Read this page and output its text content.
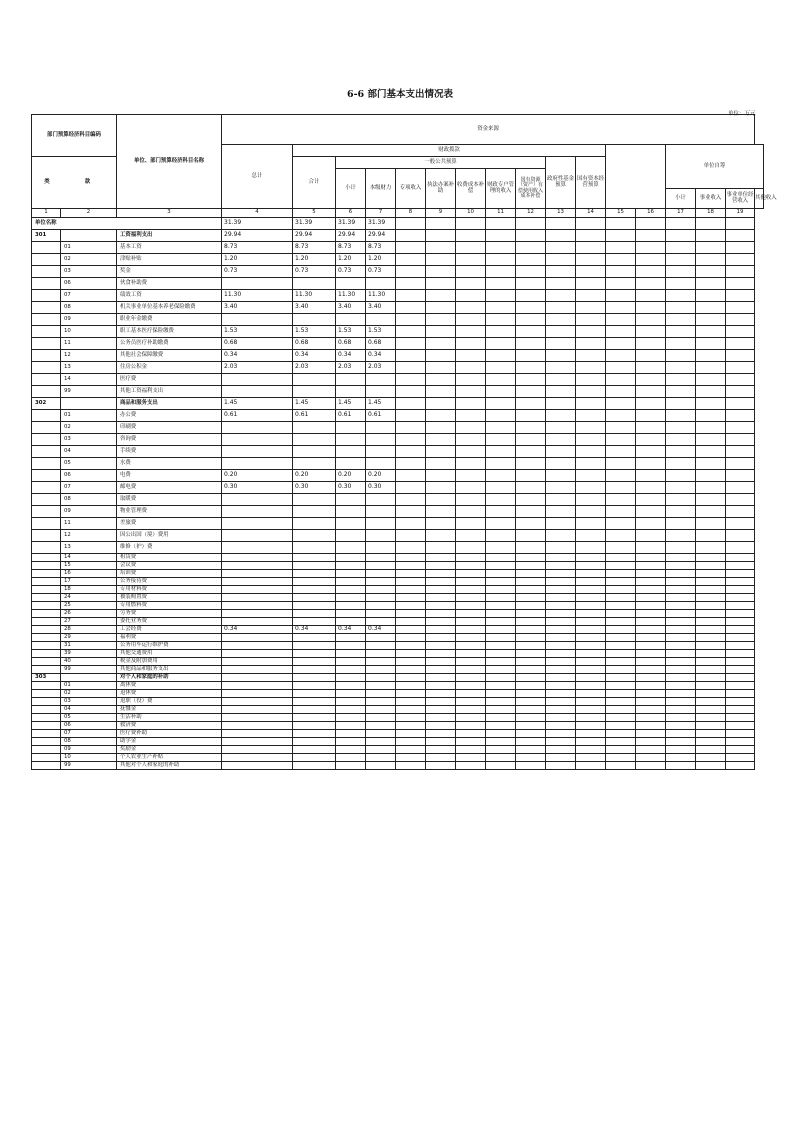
6-6 部门基本支出情况表
单位：万元
部门预算经济科目编码		单位、部门预算经济科目名称	资金来源																
			总计	财政拨款												单位自筹			
类 款				合计	一般公共预算							政府性基金预算	国有资本经营预算						
					小计	本级财力	专项收入	执法办案补助	收费成本补偿	财政专户管理的收入	国有资源（资产）有偿使用收入成本补偿								
																小计	事业收入	事业单位经营收入	其他收入
1	2	3	4	5	6	7	8	9	10	11	12	13	14	15	16	17	18	19	
单位名称			31.39	31.39	31.39	31.39													
301		工资福利支出	29.94	29.94	29.94	29.94													
	01	基本工资	8.73	8.73	8.73	8.73													
	02	津贴补贴	1.20	1.20	1.20	1.20													
	03	奖金	0.73	0.73	0.73	0.73													
	06	伙食补助费																	
	07	绩效工资	11.30	11.30	11.30	11.30													
	08	机关事业单位基本养老保险缴费	3.40	3.40	3.40	3.40													
	09	职业年金缴费																	
	10	职工基本医疗保险缴费	1.53	1.53	1.53	1.53													
	11	公务员医疗补助缴费	0.68	0.68	0.68	0.68													
	12	其他社会保障缴费	0.34	0.34	0.34	0.34													
	13	住房公积金	2.03	2.03	2.03	2.03													
	14	医疗费																	
	99	其他工资福利支出																	
302		商品和服务支出	1.45	1.45	1.45	1.45													
	01	办公费	0.61	0.61	0.61	0.61													
	02	印刷费																	
	03	咨询费																	
	04	手续费																	
	05	水费																	
	06	电费	0.20	0.20	0.20	0.20													
	07	邮电费	0.30	0.30	0.30	0.30													
	08	取暖费																	
	09	物业管理费																	
	11	差旅费																	
	12	因公出国（境）费用																	
	13	维修（护）费																	
	14	租赁费																	
	15	会议费																	
	16	培训费																	
	17	公务接待费																	
	18	专用材料费																	
	24	被装购置费																	
	25	专用燃料费																	
	26	劳务费																	
	27	委托业务费																	
	28	工会经费	0.34	0.34	0.34	0.34													
	29	福利费																	
	31	公务用车运行维护费																	
	39	其他交通费用																	
	40	税金及附加费用																	
	99	其他商品和服务支出																	
303		对个人和家庭的补助																	
	01	离休费																	
	02	退休费																	
	03	退职（役）费																	
	04	抚恤金																	
	05	生活补助																	
	06	救济费																	
	07	医疗费补助																	
	08	助学金																	
	09	奖励金																	
	10	个人农业生产补贴																	
	99	其他对个人和家庭的补助																	
